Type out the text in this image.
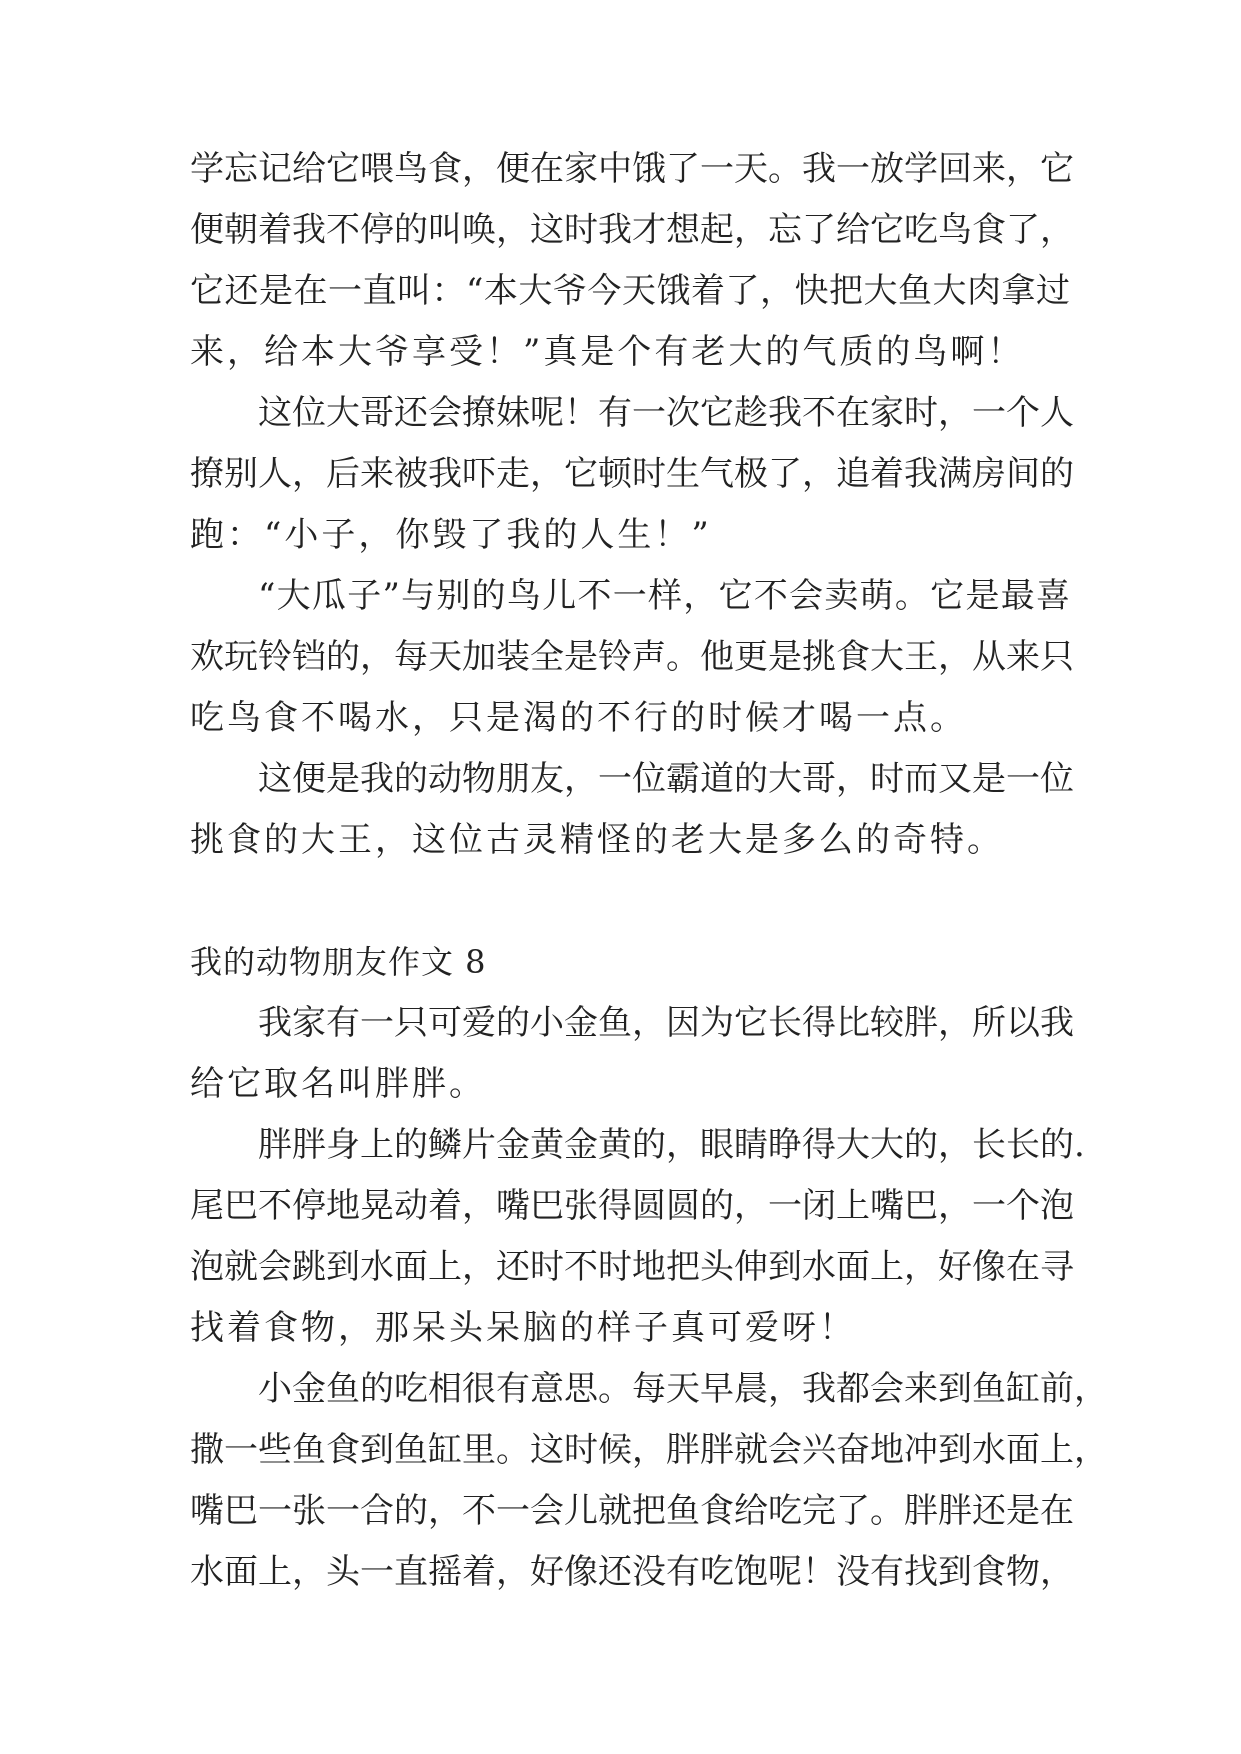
学忘记给它喂鸟食，便在家中饿了一天。我一放学回来，它
便朝着我不停的叫唤，这时我才想起，忘了给它吃鸟食了，
它还是在一直叫：“本大爷今天饿着了，快把大鱼大肉拿过
来，给本大爷享受！”真是个有老大的气质的鸟啊！
这位大哥还会撩妹呢！有一次它趁我不在家时，一个人
撩别人，后来被我吓走，它顿时生气极了，追着我满房间的
跑：“小子，你毁了我的人生！”
“大瓜子”与别的鸟儿不一样，它不会卖萌。它是最喜
欢玩铃铛的，每天加装全是铃声。他更是挑食大王，从来只
吃鸟食不喝水，只是渴的不行的时候才喝一点。
这便是我的动物朋友，一位霸道的大哥，时而又是一位
挑食的大王，这位古灵精怪的老大是多么的奇特。
我的动物朋友作文 8
我家有一只可爱的小金鱼，因为它长得比较胖，所以我
给它取名叫胖胖。
胖胖身上的鳞片金黄金黄的，眼睛睁得大大的，长长的.
尾巴不停地晃动着，嘴巴张得圆圆的，一闭上嘴巴，一个泡
泡就会跳到水面上，还时不时地把头伸到水面上，好像在寻
找着食物，那呆头呆脑的样子真可爱呀！
小金鱼的吃相很有意思。每天早晨，我都会来到鱼缸前，
撒一些鱼食到鱼缸里。这时候，胖胖就会兴奋地冲到水面上，
嘴巴一张一合的，不一会儿就把鱼食给吃完了。胖胖还是在
水面上，头一直摇着，好像还没有吃饱呢！没有找到食物，
